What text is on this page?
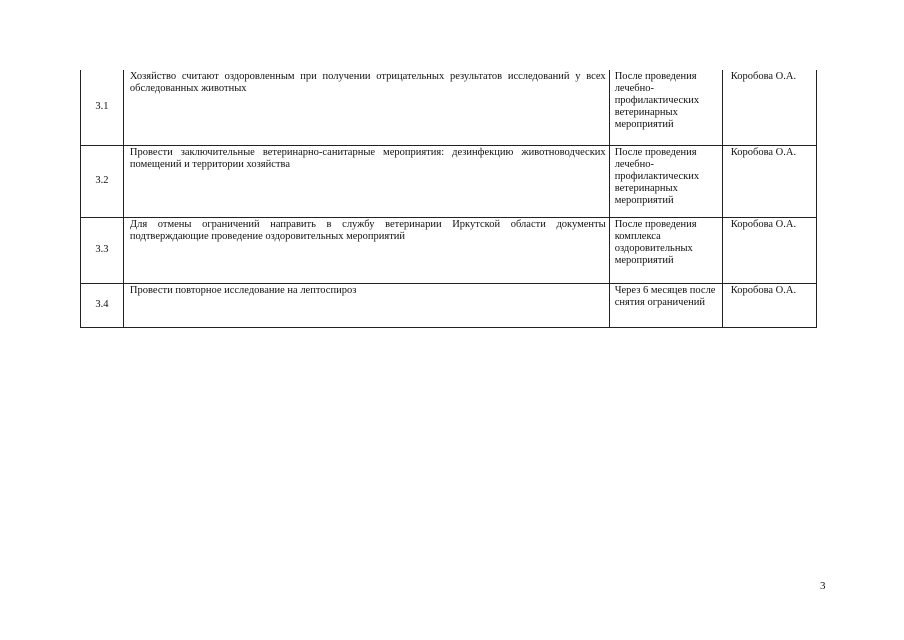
3.1	Хозяйство считают оздоровленным при получении отрицательных результатов исследований у всех обследованных животных	После проведения лечебно-профилактических ветеринарных мероприятий	Коробова О.А.
3.2	Провести заключительные ветеринарно-санитарные мероприятия: дезинфекцию животноводческих помещений и территории хозяйства	После проведения лечебно-профилактических ветеринарных мероприятий	Коробова О.А.
3.3	Для отмены ограничений направить в службу ветеринарии Иркутской области документы подтверждающие проведение оздоровительных мероприятий	После проведения комплекса оздоровительных мероприятий	Коробова О.А.
3.4	Провести повторное исследование на лептоспироз	Через 6 месяцев после снятия ограничений	Коробова О.А.
3
